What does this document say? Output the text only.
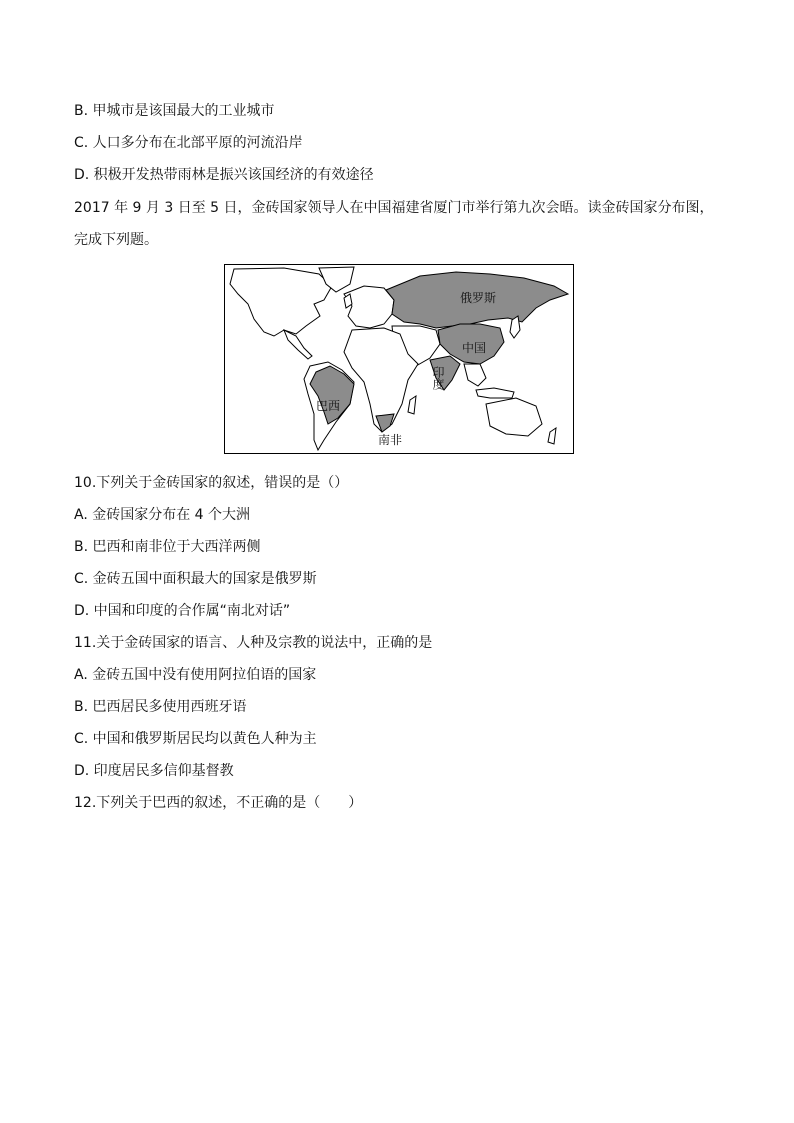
B. 甲城市是该国最大的工业城市
C. 人口多分布在北部平原的河流沿岸
D. 积极开发热带雨林是振兴该国经济的有效途径
2017 年 9 月 3 日至 5 日，金砖国家领导人在中国福建省厦门市举行第九次会晤。读金砖国家分布图，完成下列题。
俄罗斯
中国
印度
巴西
南非
10.下列关于金砖国家的叙述，错误的是（）
A. 金砖国家分布在 4 个大洲
B. 巴西和南非位于大西洋两侧
C. 金砖五国中面积最大的国家是俄罗斯
D. 中国和印度的合作属“南北对话”
11.关于金砖国家的语言、人种及宗教的说法中，正确的是
A. 金砖五国中没有使用阿拉伯语的国家
B. 巴西居民多使用西班牙语
C. 中国和俄罗斯居民均以黄色人种为主
D. 印度居民多信仰基督教
12.下列关于巴西的叙述，不正确的是（　　）
